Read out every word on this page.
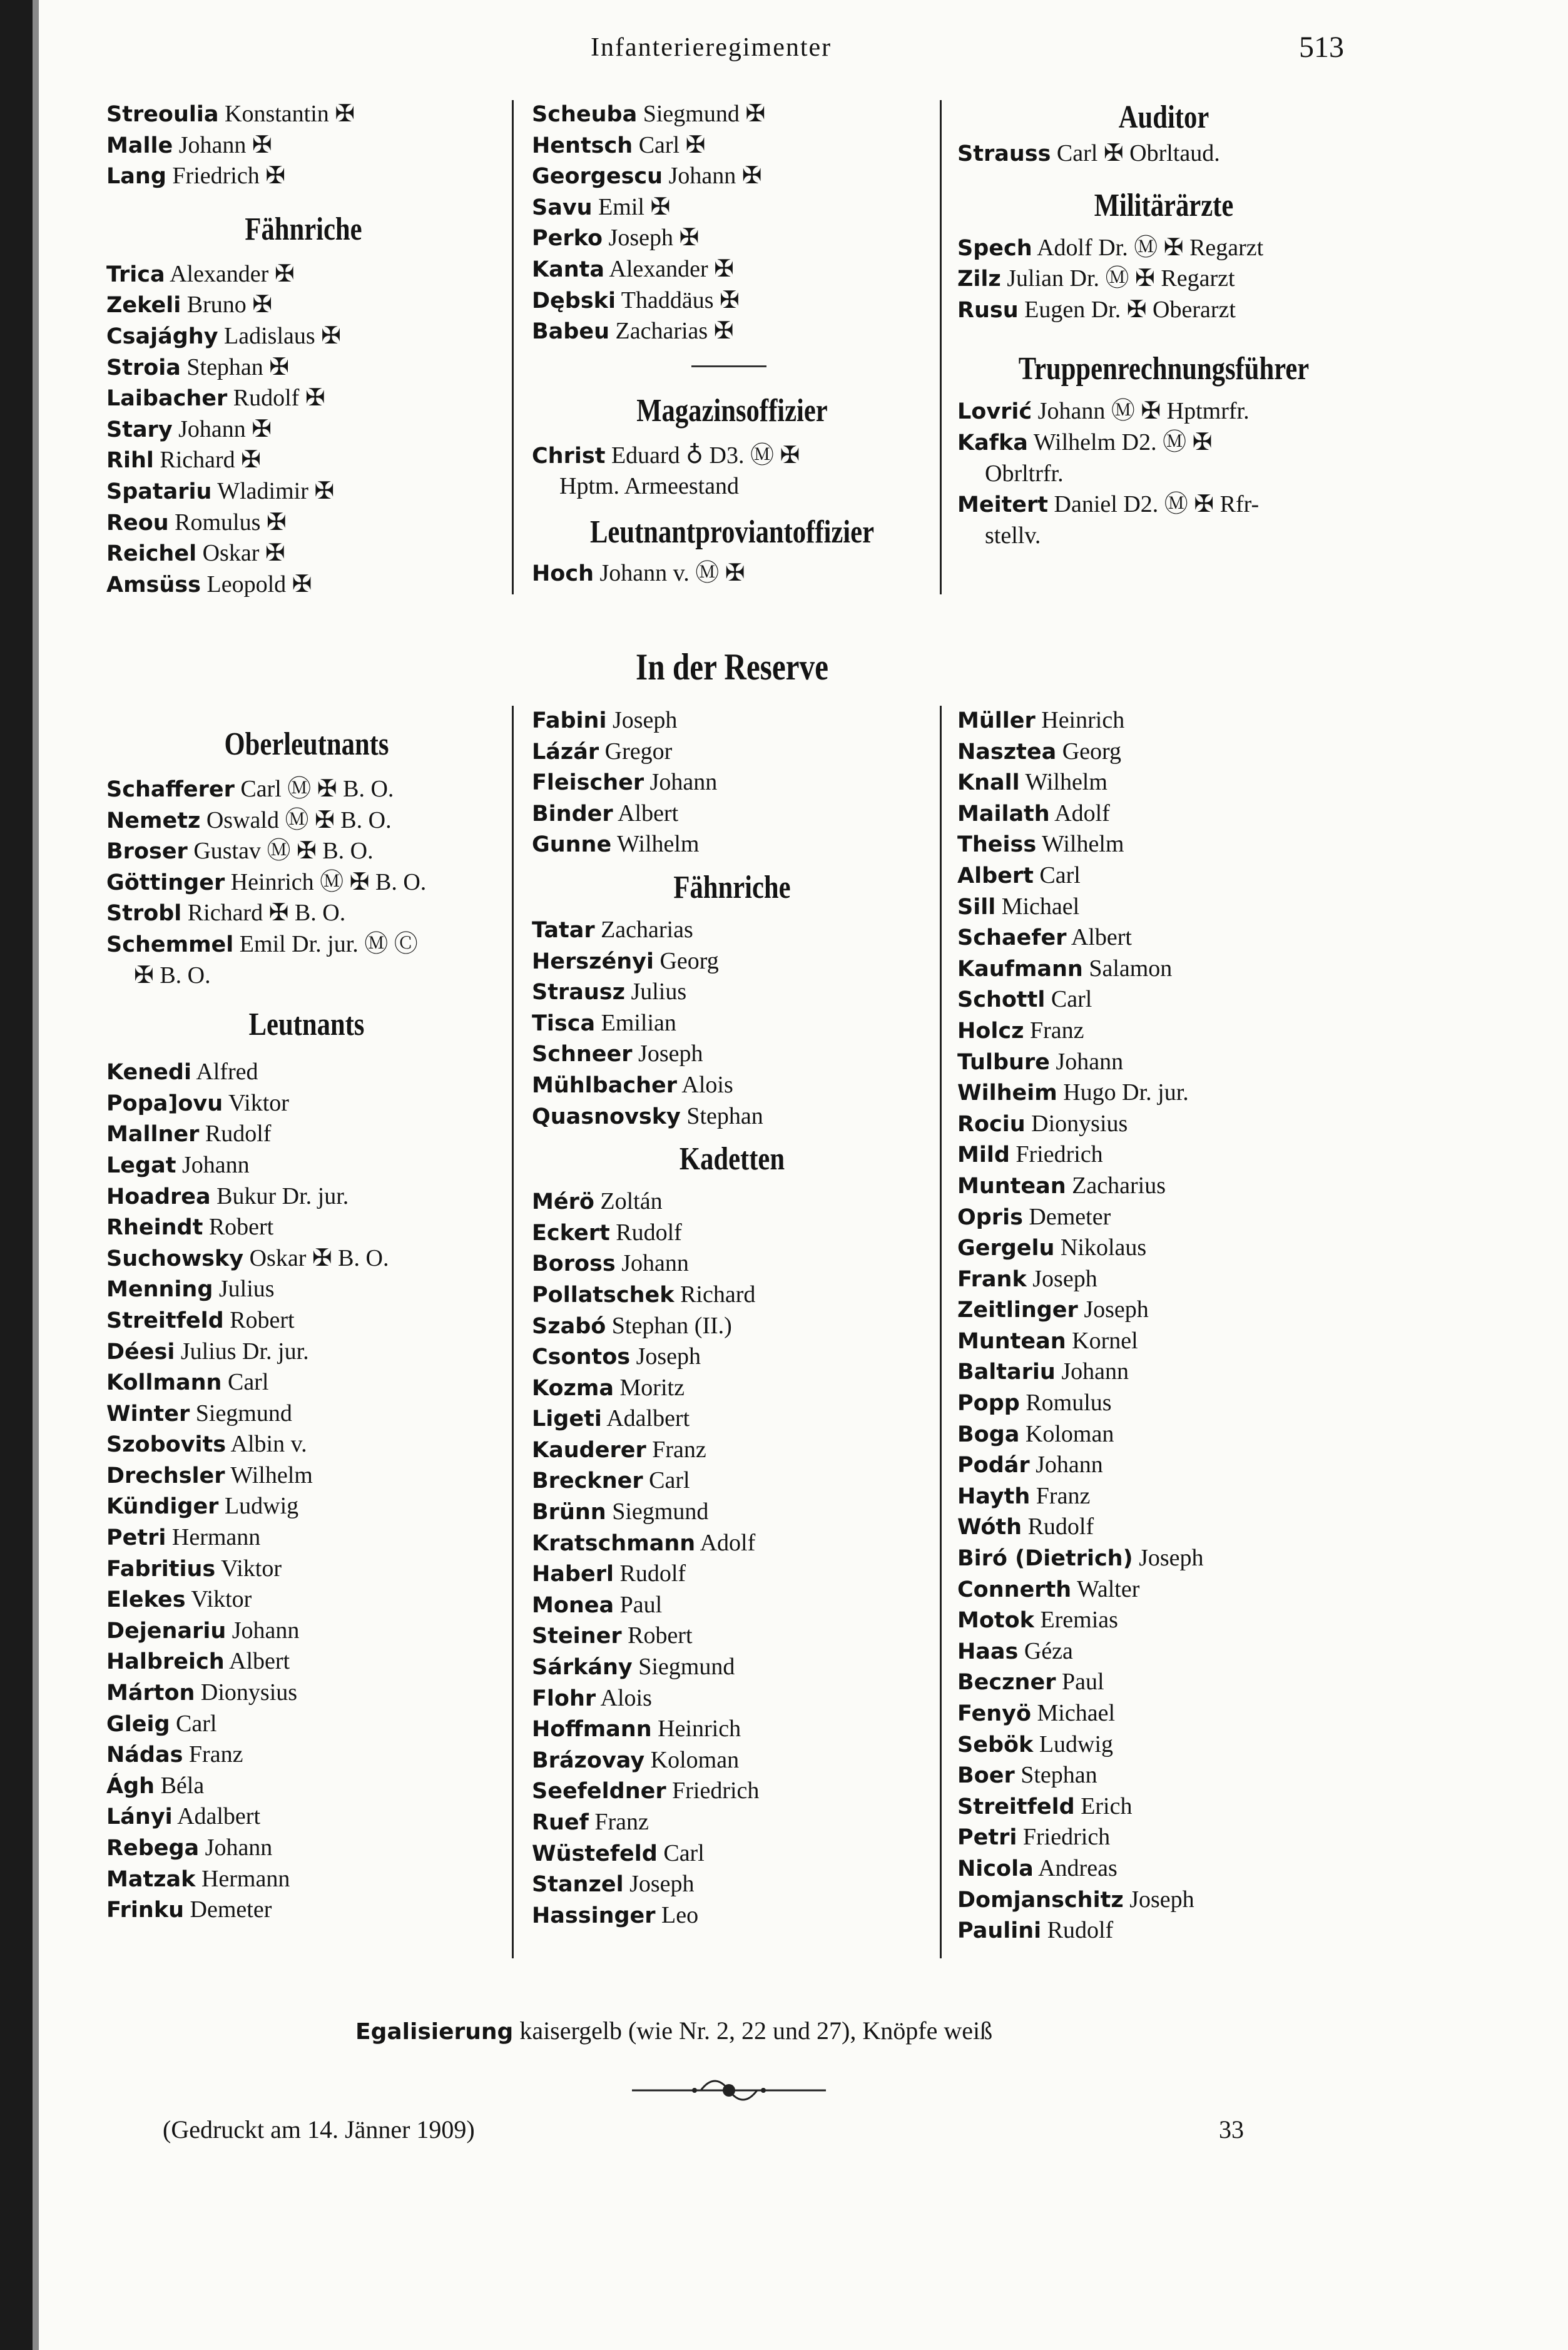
Infanterieregimenter	513
Streoulia Konstantin ✠
Malle Johann ✠
Lang Friedrich ✠
Fähnriche
Trica Alexander ✠
Zekeli Bruno ✠
Csajághy Ladislaus ✠
Stroia Stephan ✠
Laibacher Rudolf ✠
Stary Johann ✠
Rihl Richard ✠
Spatariu Wladimir ✠
Reou Romulus ✠
Reichel Oskar ✠
Amsüss Leopold ✠
Scheuba Siegmund ✠
Hentsch Carl ✠
Georgescu Johann ✠
Savu Emil ✠
Perko Joseph ✠
Kanta Alexander ✠
Dębski Thaddäus ✠
Babeu Zacharias ✠
Magazinsoffizier
Christ Eduard ♁ D3. Ⓜ ✠
Hptm. Armeestand
Leutnantproviantoffizier
Hoch Johann v. Ⓜ ✠
Auditor
Strauss Carl ✠ Obrltaud.
Militärärzte
Spech Adolf Dr. Ⓜ ✠ Regarzt
Zilz Julian Dr. Ⓜ ✠ Regarzt
Rusu Eugen Dr. ✠ Oberarzt
Truppenrechnungsführer
Lovrić Johann Ⓜ ✠ Hptmrfr.
Kafka Wilhelm D2. Ⓜ ✠
Obrltrfr.
Meitert Daniel D2. Ⓜ ✠ Rfr-
stellv.
In der Reserve
Oberleutnants
Schafferer Carl Ⓜ ✠ B. O.
Nemetz Oswald Ⓜ ✠ B. O.
Broser Gustav Ⓜ ✠ B. O.
Göttinger Heinrich Ⓜ ✠ B. O.
Strobl Richard ✠ B. O.
Schemmel Emil Dr. jur. Ⓜ Ⓒ
✠ B. O.
Leutnants
Kenedi Alfred
Popa]ovu Viktor
Mallner Rudolf
Legat Johann
Hoadrea Bukur Dr. jur.
Rheindt Robert
Suchowsky Oskar ✠ B. O.
Menning Julius
Streitfeld Robert
Déesi Julius Dr. jur.
Kollmann Carl
Winter Siegmund
Szobovits Albin v.
Drechsler Wilhelm
Kündiger Ludwig
Petri Hermann
Fabritius Viktor
Elekes Viktor
Dejenariu Johann
Halbreich Albert
Márton Dionysius
Gleig Carl
Nádas Franz
Ágh Béla
Lányi Adalbert
Rebega Johann
Matzak Hermann
Frinku Demeter
Fabini Joseph
Lázár Gregor
Fleischer Johann
Binder Albert
Gunne Wilhelm
Fähnriche
Tatar Zacharias
Herszényi Georg
Strausz Julius
Tisca Emilian
Schneer Joseph
Mühlbacher Alois
Quasnovsky Stephan
Kadetten
Mérö Zoltán
Eckert Rudolf
Boross Johann
Pollatschek Richard
Szabó Stephan (II.)
Csontos Joseph
Kozma Moritz
Ligeti Adalbert
Kauderer Franz
Breckner Carl
Brünn Siegmund
Kratschmann Adolf
Haberl Rudolf
Monea Paul
Steiner Robert
Sárkány Siegmund
Flohr Alois
Hoffmann Heinrich
Brázovay Koloman
Seefeldner Friedrich
Ruef Franz
Wüstefeld Carl
Stanzel Joseph
Hassinger Leo
Müller Heinrich
Nasztea Georg
Knall Wilhelm
Mailath Adolf
Theiss Wilhelm
Albert Carl
Sill Michael
Schaefer Albert
Kaufmann Salamon
Schottl Carl
Holcz Franz
Tulbure Johann
Wilheim Hugo Dr. jur.
Rociu Dionysius
Mild Friedrich
Muntean Zacharius
Opris Demeter
Gergelu Nikolaus
Frank Joseph
Zeitlinger Joseph
Muntean Kornel
Baltariu Johann
Popp Romulus
Boga Koloman
Podár Johann
Hayth Franz
Wóth Rudolf
Biró (Dietrich) Joseph
Connerth Walter
Motok Eremias
Haas Géza
Beczner Paul
Fenyö Michael
Sebök Ludwig
Boer Stephan
Streitfeld Erich
Petri Friedrich
Nicola Andreas
Domjanschitz Joseph
Paulini Rudolf
Egalisierung kaisergelb (wie Nr. 2, 22 und 27), Knöpfe weiß
(Gedruckt am 14. Jänner 1909)	33
